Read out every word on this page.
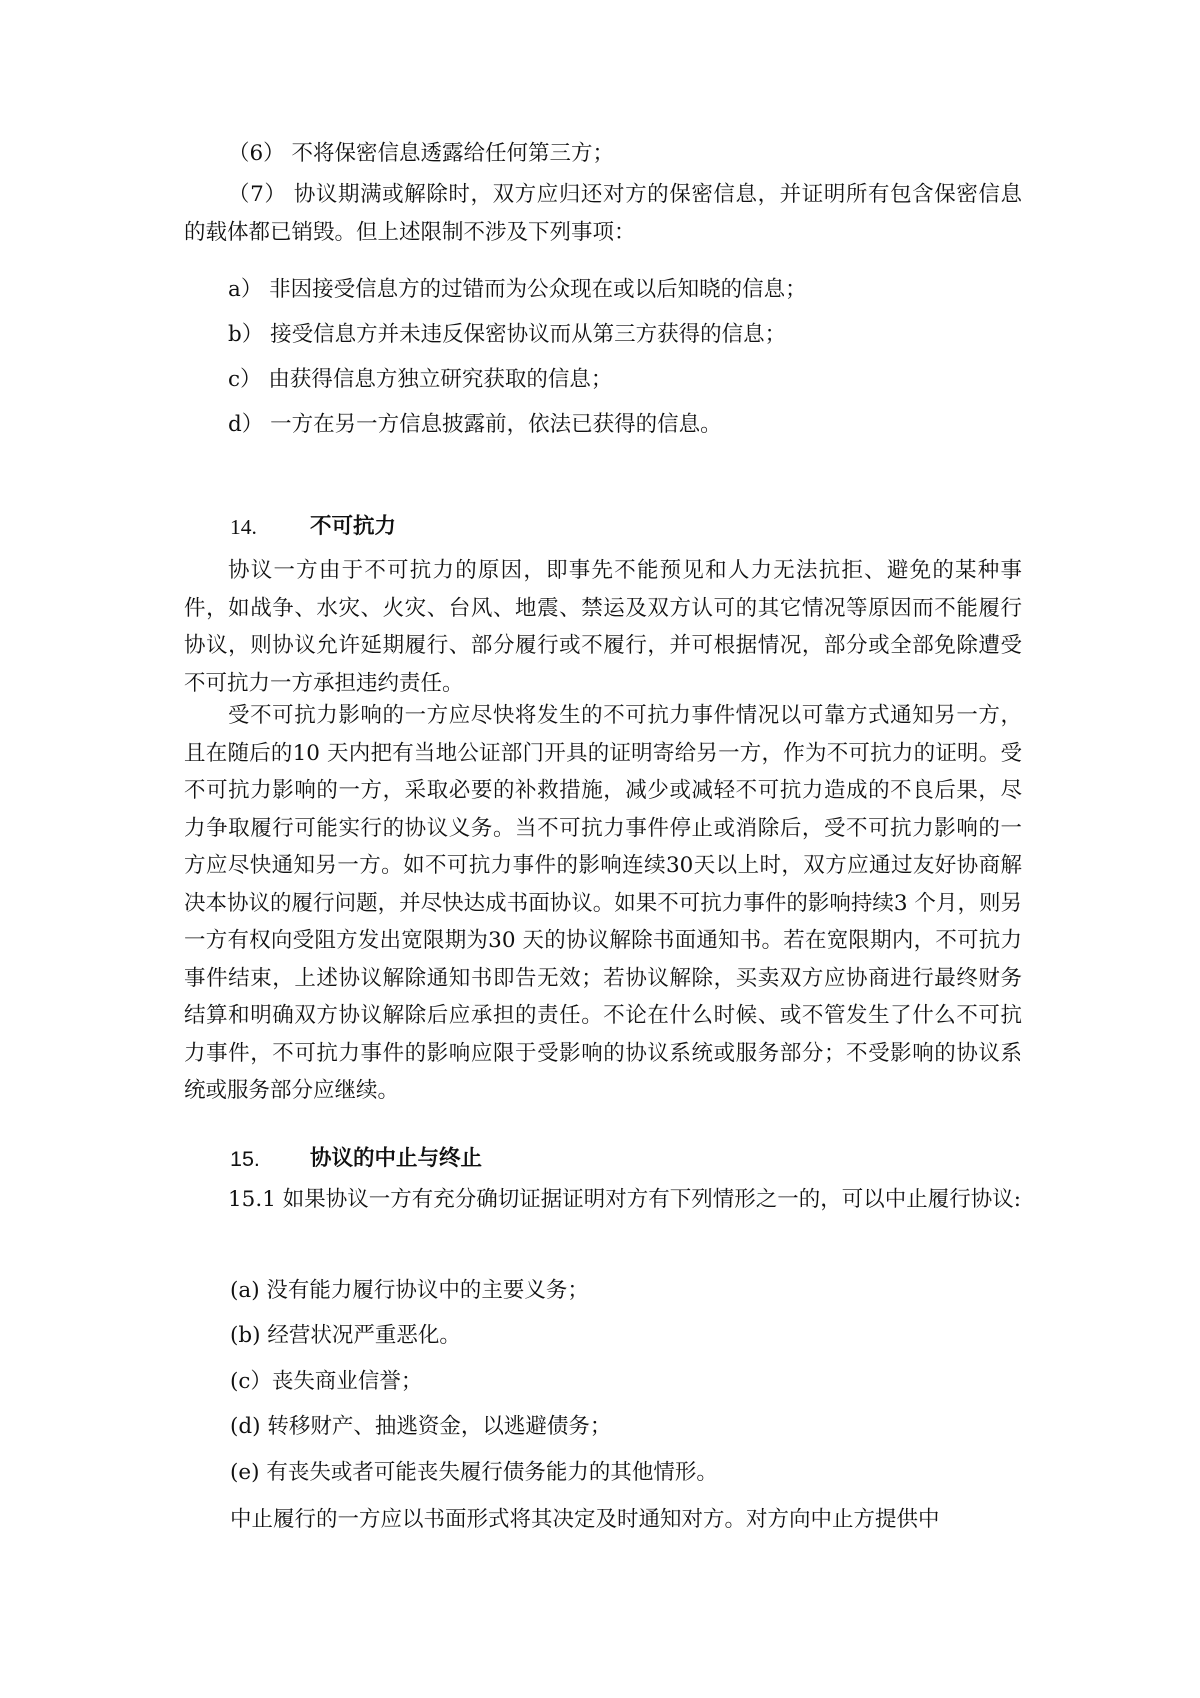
（6） 不将保密信息透露给任何第三方；
（7） 协议期满或解除时，双方应归还对方的保密信息，并证明所有包含保密信息的载体都已销毁。但上述限制不涉及下列事项：
a） 非因接受信息方的过错而为公众现在或以后知晓的信息；
b） 接受信息方并未违反保密协议而从第三方获得的信息；
c） 由获得信息方独立研究获取的信息；
d） 一方在另一方信息披露前，依法已获得的信息。
14. 不可抗力
协议一方由于不可抗力的原因，即事先不能预见和人力无法抗拒、避免的某种事件，如战争、水灾、火灾、台风、地震、禁运及双方认可的其它情况等原因而不能履行协议，则协议允许延期履行、部分履行或不履行，并可根据情况，部分或全部免除遭受不可抗力一方承担违约责任。
受不可抗力影响的一方应尽快将发生的不可抗力事件情况以可靠方式通知另一方，且在随后的10 天内把有当地公证部门开具的证明寄给另一方，作为不可抗力的证明。受不可抗力影响的一方，采取必要的补救措施，减少或减轻不可抗力造成的不良后果，尽力争取履行可能实行的协议义务。当不可抗力事件停止或消除后，受不可抗力影响的一方应尽快通知另一方。如不可抗力事件的影响连续30天以上时，双方应通过友好协商解决本协议的履行问题，并尽快达成书面协议。如果不可抗力事件的影响持续3 个月，则另一方有权向受阻方发出宽限期为30 天的协议解除书面通知书。若在宽限期内，不可抗力事件结束，上述协议解除通知书即告无效；若协议解除，买卖双方应协商进行最终财务结算和明确双方协议解除后应承担的责任。不论在什么时候、或不管发生了什么不可抗力事件，不可抗力事件的影响应限于受影响的协议系统或服务部分；不受影响的协议系统或服务部分应继续。
15. 协议的中止与终止
15.1 如果协议一方有充分确切证据证明对方有下列情形之一的，可以中止履行协议:
(a) 没有能力履行协议中的主要义务；
(b) 经营状况严重恶化。
(c）丧失商业信誉；
(d) 转移财产、抽逃资金，以逃避债务；
(e) 有丧失或者可能丧失履行债务能力的其他情形。
中止履行的一方应以书面形式将其决定及时通知对方。对方向中止方提供中
